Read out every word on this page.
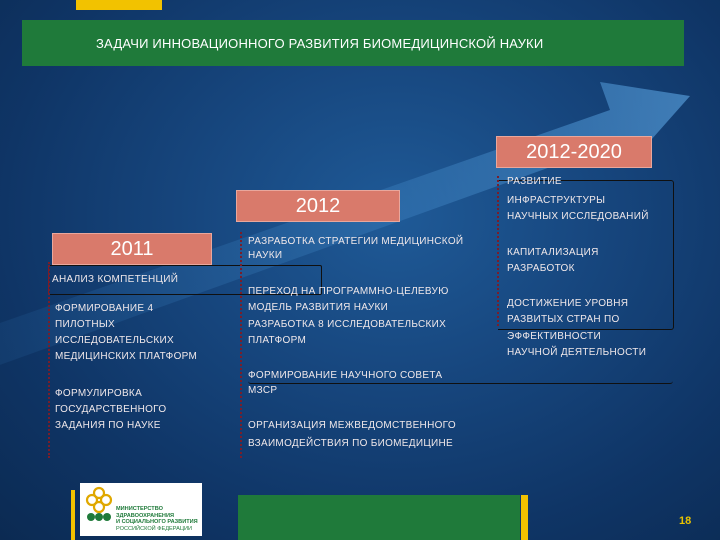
ЗАДАЧИ ИННОВАЦИОННОГО РАЗВИТИЯ БИОМЕДИЦИНСКОЙ НАУКИ
2011
2012
2012-2020
АНАЛИЗ КОМПЕТЕНЦИЙ
ФОРМИРОВАНИЕ 4
ПИЛОТНЫХ
ИССЛЕДОВАТЕЛЬСКИХ
МЕДИЦИНСКИХ ПЛАТФОРМ
ФОРМУЛИРОВКА
ГОСУДАРСТВЕННОГО
ЗАДАНИЯ ПО НАУКЕ
РАЗРАБОТКА СТРАТЕГИИ МЕДИЦИНСКОЙ
НАУКИ
ПЕРЕХОД НА ПРОГРАММНО-ЦЕЛЕВУЮ
МОДЕЛЬ РАЗВИТИЯ НАУКИ
РАЗРАБОТКА 8 ИССЛЕДОВАТЕЛЬСКИХ
ПЛАТФОРМ
ФОРМИРОВАНИЕ НАУЧНОГО СОВЕТА
МЗСР
ОРГАНИЗАЦИЯ МЕЖВЕДОМСТВЕННОГО
ВЗАИМОДЕЙСТВИЯ ПО БИОМЕДИЦИНЕ
РАЗВИТИЕ
ИНФРАСТРУКТУРЫ
НАУЧНЫХ ИССЛЕДОВАНИЙ
КАПИТАЛИЗАЦИЯ
РАЗРАБОТОК
ДОСТИЖЕНИЕ УРОВНЯ
РАЗВИТЫХ СТРАН ПО
ЭФФЕКТИВНОСТИ
НАУЧНОЙ ДЕЯТЕЛЬНОСТИ
МИНИСТЕРСТВО
ЗДРАВООХРАНЕНИЯ
И СОЦИАЛЬНОГО РАЗВИТИЯ
РОССИЙСКОЙ ФЕДЕРАЦИИ
18
